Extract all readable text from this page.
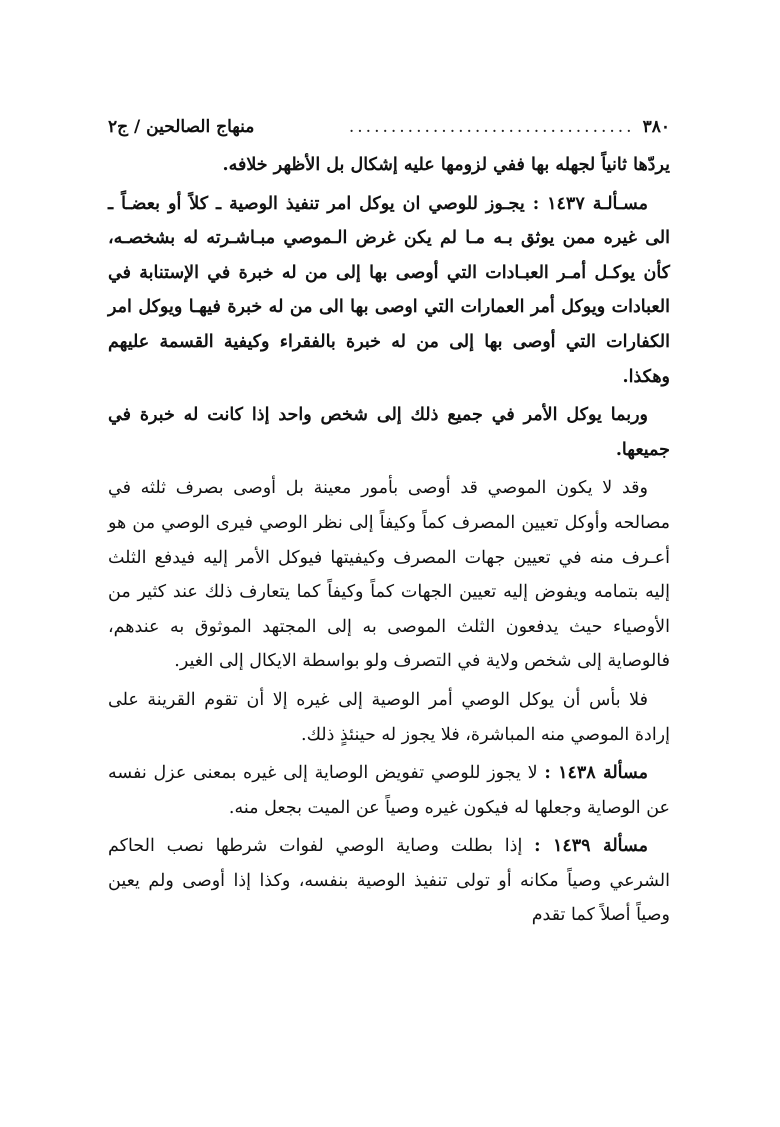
٣٨٠
..................................
منهاج الصالحين / ج٢

يردّها ثانياً لجهله بها ففي لزومها عليه إشكال بل الأظهر خلافه.

مسـألـة ١٤٣٧ : يجـوز للوصي ان يوكل امر تنفيذ الوصية ـ كلاً أو بعضـاً ـ الى غيره ممن يوثق بـه مـا لم يكن غرض الـموصي مبـاشـرته له بشخصـه، كأن يوكـل أمـر العبـادات التي أوصى بها إلى من له خبرة في الإستنابة في العبادات ويوكل أمر العمارات التي اوصى بها الى من له خبرة فيهـا ويوكل امر الكفارات التي أوصى بها إلى من له خبرة بالفقراء وكيفية القسمة عليهم وهكذا.

وربما يوكل الأمر في جميع ذلك إلى شخص واحد إذا كانت له خبرة في جميعها.

وقد لا يكون الموصي قد أوصى بأمور معينة بل أوصى بصرف ثلثه في مصالحه وأوكل تعيين المصرف كماً وكيفاً إلى نظر الوصي فيرى الوصي من هو أعـرف منه في تعيين جهات المصرف وكيفيتها فيوكل الأمر إليه فيدفع الثلث إليه بتمامه ويفوض إليه تعيين الجهات كماً وكيفاً كما يتعارف ذلك عند كثير من الأوصياء حيث يدفعون الثلث الموصى به إلى المجتهد الموثوق به عندهم، فالوصاية إلى شخص ولاية في التصرف ولو بواسطة الايكال إلى الغير.

فلا بأس أن يوكل الوصي أمر الوصية إلى غيره إلا أن تقوم القرينة على إرادة الموصي منه المباشرة، فلا يجوز له حينئذٍ ذلك.

مسألة ١٤٣٨ : لا يجوز للوصي تفويض الوصاية إلى غيره بمعنى عزل نفسه عن الوصاية وجعلها له فيكون غيره وصياً عن الميت بجعل منه.

مسألة ١٤٣٩ : إذا بطلت وصاية الوصي لفوات شرطها نصب الحاكم الشرعي وصياً مكانه أو تولى تنفيذ الوصية بنفسه، وكذا إذا أوصى ولم يعين وصياً أصلاً كما تقدم
